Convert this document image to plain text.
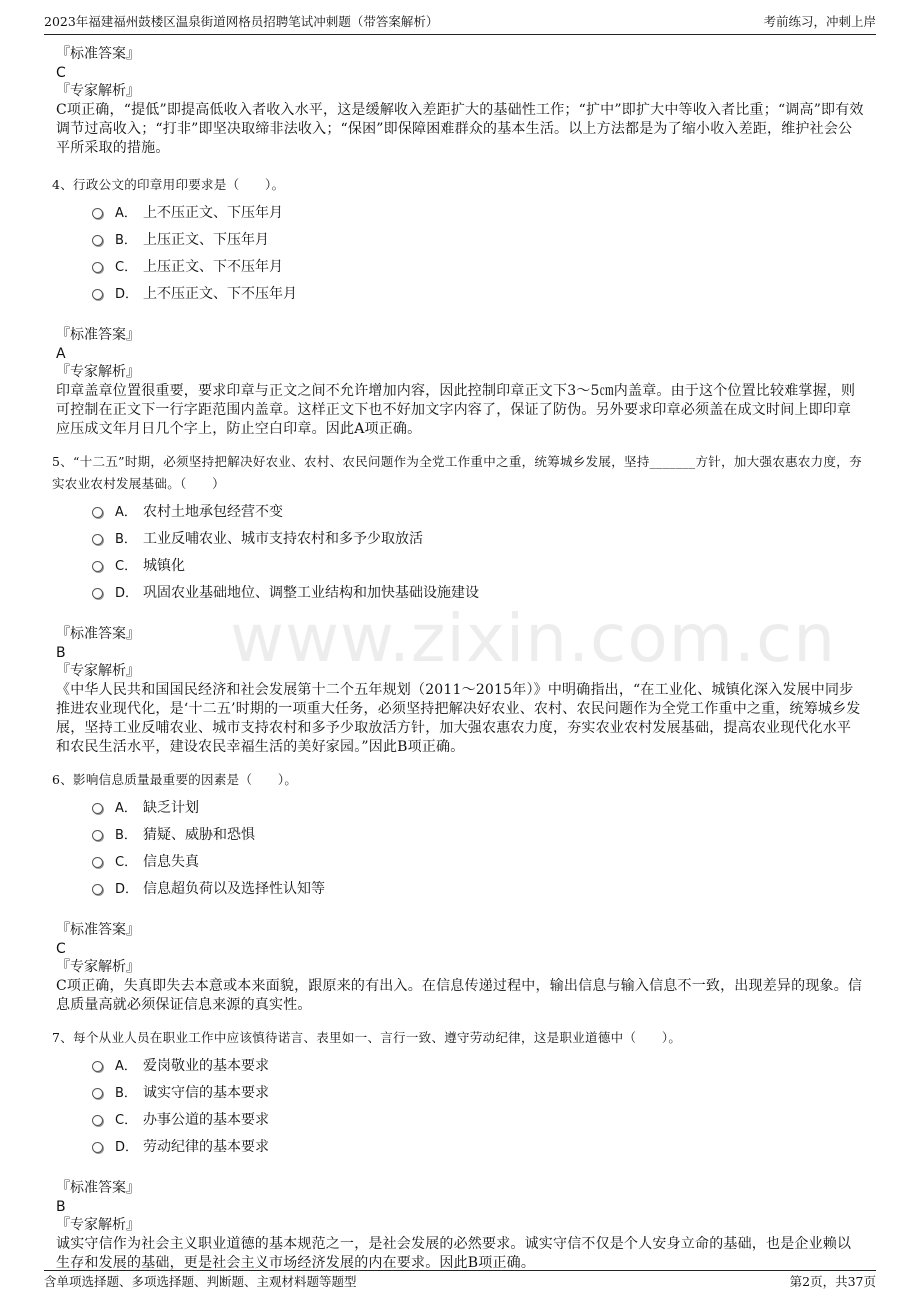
2023年福建福州鼓楼区温泉街道网格员招聘笔试冲刺题（带答案解析）	考前练习，冲刺上岸
www.zixin.com.cn
『标准答案』
C
『专家解析』
C项正确，“提低”即提高低收入者收入水平，这是缓解收入差距扩大的基础性工作；“扩中”即扩大中等收入者比重；“调高”即有效调节过高收入；“打非”即坚决取缔非法收入；“保困”即保障困难群众的基本生活。以上方法都是为了缩小收入差距，维护社会公平所采取的措施。
4、行政公文的印章用印要求是（　　）。
A． 上不压正文、下压年月
B． 上压正文、下压年月
C． 上压正文、下不压年月
D． 上不压正文、下不压年月
『标准答案』
A
『专家解析』
印章盖章位置很重要，要求印章与正文之间不允许增加内容，因此控制印章正文下3～5㎝内盖章。由于这个位置比较难掌握，则可控制在正文下一行字距范围内盖章。这样正文下也不好加文字内容了，保证了防伪。另外要求印章必须盖在成文时间上即印章应压成文年月日几个字上，防止空白印章。因此A项正确。
5、“十二五”时期，必须坚持把解决好农业、农村、农民问题作为全党工作重中之重，统筹城乡发展，坚持_______方针，加大强农惠农力度，夯实农业农村发展基础。（　　）
A． 农村土地承包经营不变
B． 工业反哺农业、城市支持农村和多予少取放活
C． 城镇化
D． 巩固农业基础地位、调整工业结构和加快基础设施建设
『标准答案』
B
『专家解析』
《中华人民共和国国民经济和社会发展第十二个五年规划（2011～2015年）》中明确指出，“在工业化、城镇化深入发展中同步推进农业现代化，是‘十二五’时期的一项重大任务，必须坚持把解决好农业、农村、农民问题作为全党工作重中之重，统筹城乡发展，坚持工业反哺农业、城市支持农村和多予少取放活方针，加大强农惠农力度，夯实农业农村发展基础，提高农业现代化水平和农民生活水平，建设农民幸福生活的美好家园。”因此B项正确。
6、影响信息质量最重要的因素是（　　）。
A． 缺乏计划
B． 猜疑、威胁和恐惧
C． 信息失真
D． 信息超负荷以及选择性认知等
『标准答案』
C
『专家解析』
C项正确，失真即失去本意或本来面貌，跟原来的有出入。在信息传递过程中，输出信息与输入信息不一致，出现差异的现象。信息质量高就必须保证信息来源的真实性。
7、每个从业人员在职业工作中应该慎待诺言、表里如一、言行一致、遵守劳动纪律，这是职业道德中（　　）。
A． 爱岗敬业的基本要求
B． 诚实守信的基本要求
C． 办事公道的基本要求
D． 劳动纪律的基本要求
『标准答案』
B
『专家解析』
诚实守信作为社会主义职业道德的基本规范之一，是社会发展的必然要求。诚实守信不仅是个人安身立命的基础，也是企业赖以生存和发展的基础，更是社会主义市场经济发展的内在要求。因此B项正确。
含单项选择题、多项选择题、判断题、主观材料题等题型	第2页，共37页
